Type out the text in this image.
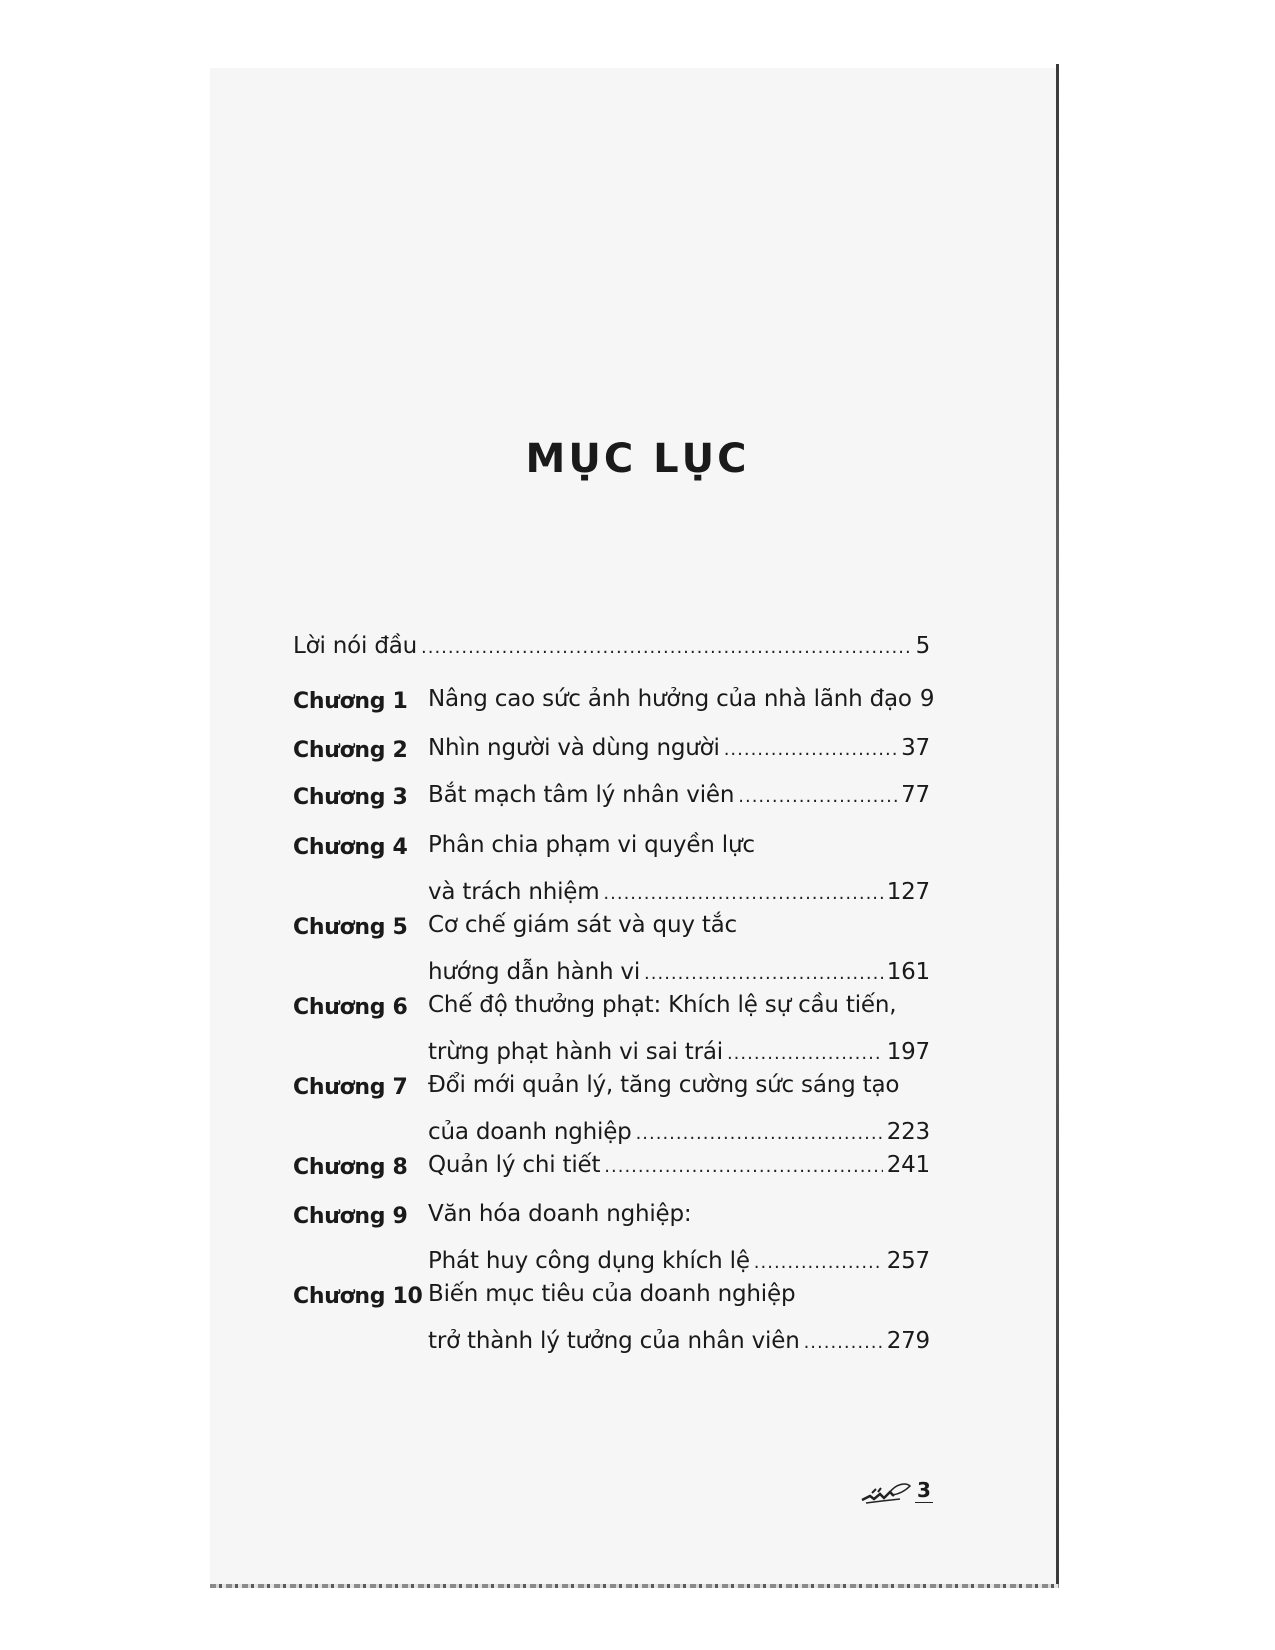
MỤC LỤC
Lời nói đầu .....	5
Chương 1 Nâng cao sức ảnh hưởng của nhà lãnh đạo 9
Chương 2 Nhìn người và dùng người .....	37
Chương 3 Bắt mạch tâm lý nhân viên .....	77
Chương 4 Phân chia phạm vi quyền lực
và trách nhiệm .....	127
Chương 5 Cơ chế giám sát và quy tắc
hướng dẫn hành vi .....	161
Chương 6 Chế độ thưởng phạt: Khích lệ sự cầu tiến,
trừng phạt hành vi sai trái .....	197
Chương 7 Đổi mới quản lý, tăng cường sức sáng tạo
của doanh nghiệp .....	223
Chương 8 Quản lý chi tiết .....	241
Chương 9 Văn hóa doanh nghiệp:
Phát huy công dụng khích lệ .....	257
Chương 10 Biến mục tiêu của doanh nghiệp
trở thành lý tưởng của nhân viên .....	279
3
